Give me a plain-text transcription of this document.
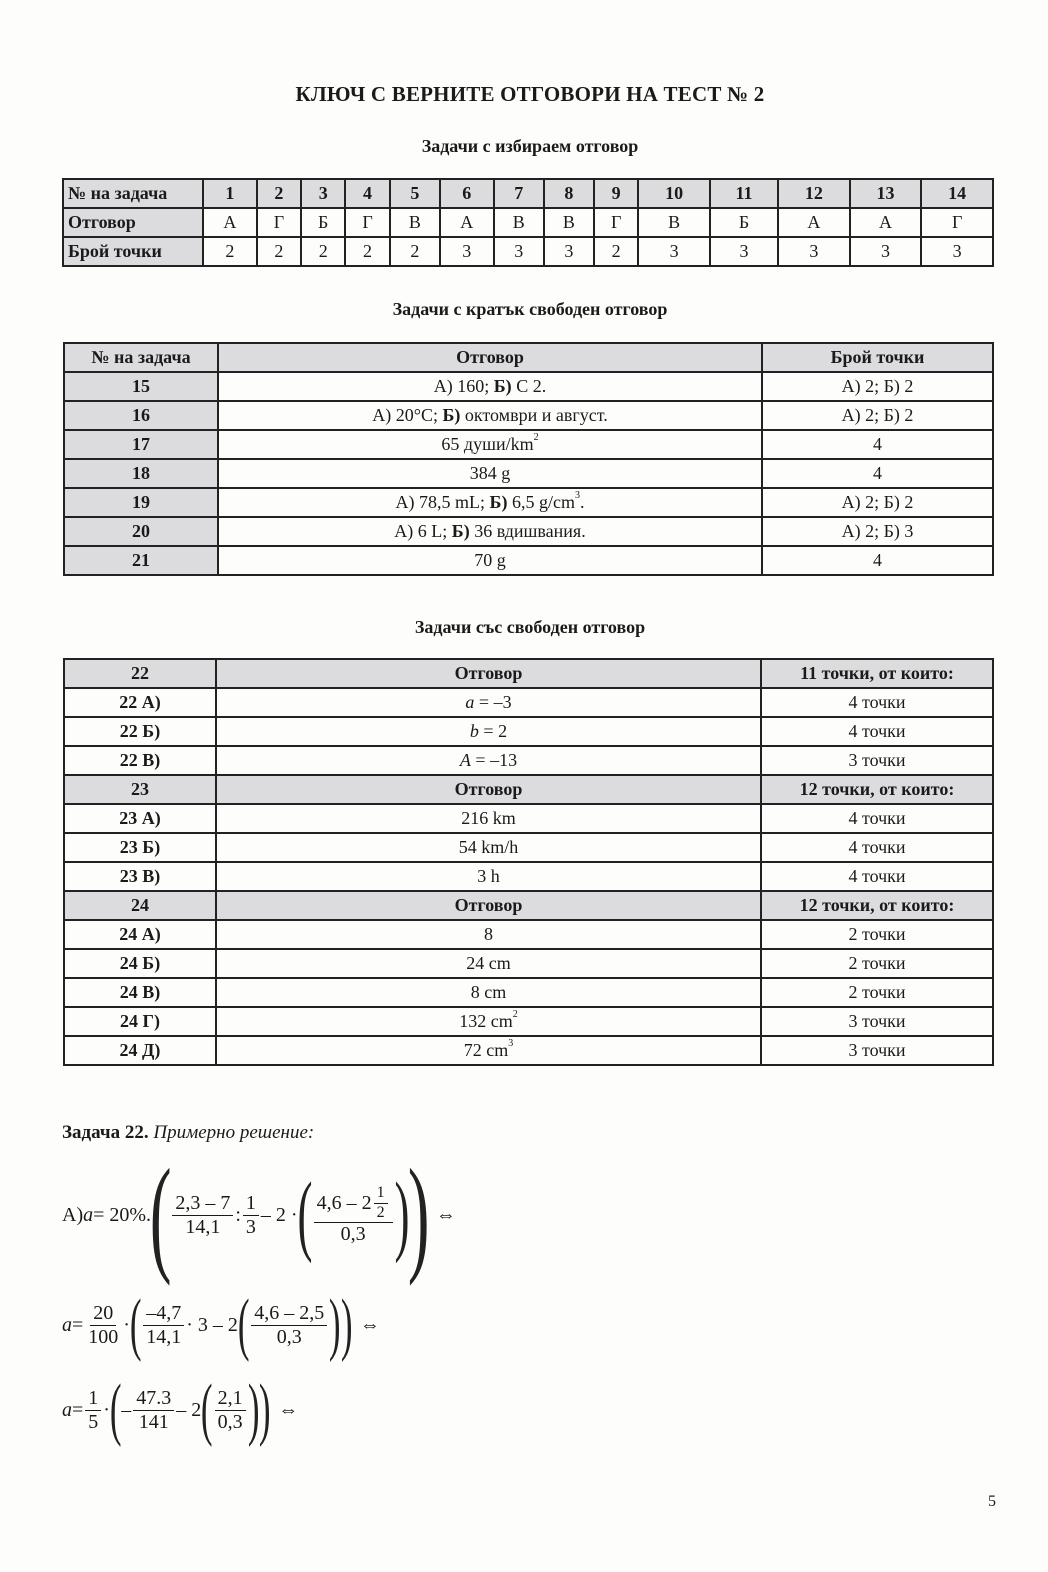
КЛЮЧ С ВЕРНИТЕ ОТГОВОРИ НА ТЕСТ № 2
Задачи с избираем отговор
№ на задача	1	2	3	4	5	6	7	8	9	10	11	12	13	14
Отговор	А	Г	Б	Г	В	А	В	В	Г	В	Б	А	А	Г
Брой точки	2	2	2	2	2	3	3	3	2	3	3	3	3	3
Задачи с кратък свободен отговор
№ на задача	Отговор	Брой точки
15	А) 160; Б) С 2.	А) 2; Б) 2
16	А) 20°C; Б) октомври и август.	А) 2; Б) 2
17	65 души/$km^2$	4
18	384 g	4
19	А) 78,5 mL; Б) 6,5 $g/cm^3$.	А) 2; Б) 2
20	А) 6 L; Б) 36 вдишвания.	А) 2; Б) 3
21	70 g	4
Задачи със свободен отговор
22	Отговор	11 точки, от които:
22 А)	a = –3	4 точки
22 Б)	b = 2	4 точки
22 В)	A = –13	3 точки
23	Отговор	12 точки, от които:
23 А)	216 km	4 точки
23 Б)	54 km/h	4 точки
23 В)	3 h	4 точки
24	Отговор	12 точки, от които:
24 А)	8	2 точки
24 Б)	24 cm	2 точки
24 В)	8 cm	2 точки
24 Г)	132 $cm^2$	3 точки
24 Д)	72 $cm^3$	3 точки
Задача 22. Примерно решение:
А) a = 20%.
( $\frac{2,3 - 7}{14,1}$ : $\frac{1}{3} - 2$ · ( $\frac{4,6 - 2 \frac{1}{2}}{0,3}$ )
) ⇔
$a = \frac{20}{100}$ · ( $\frac{-4,7}{14,1} \cdot 3 - 2$ ( $\frac{4,6 - 2,5}{0,3}$ ) ) ⇔
$a = \frac{1}{5}$ · ( – $\frac{47.3}{141} - 2$ ( $\frac{2,1}{0,3}$ ) ) ⇔
5
